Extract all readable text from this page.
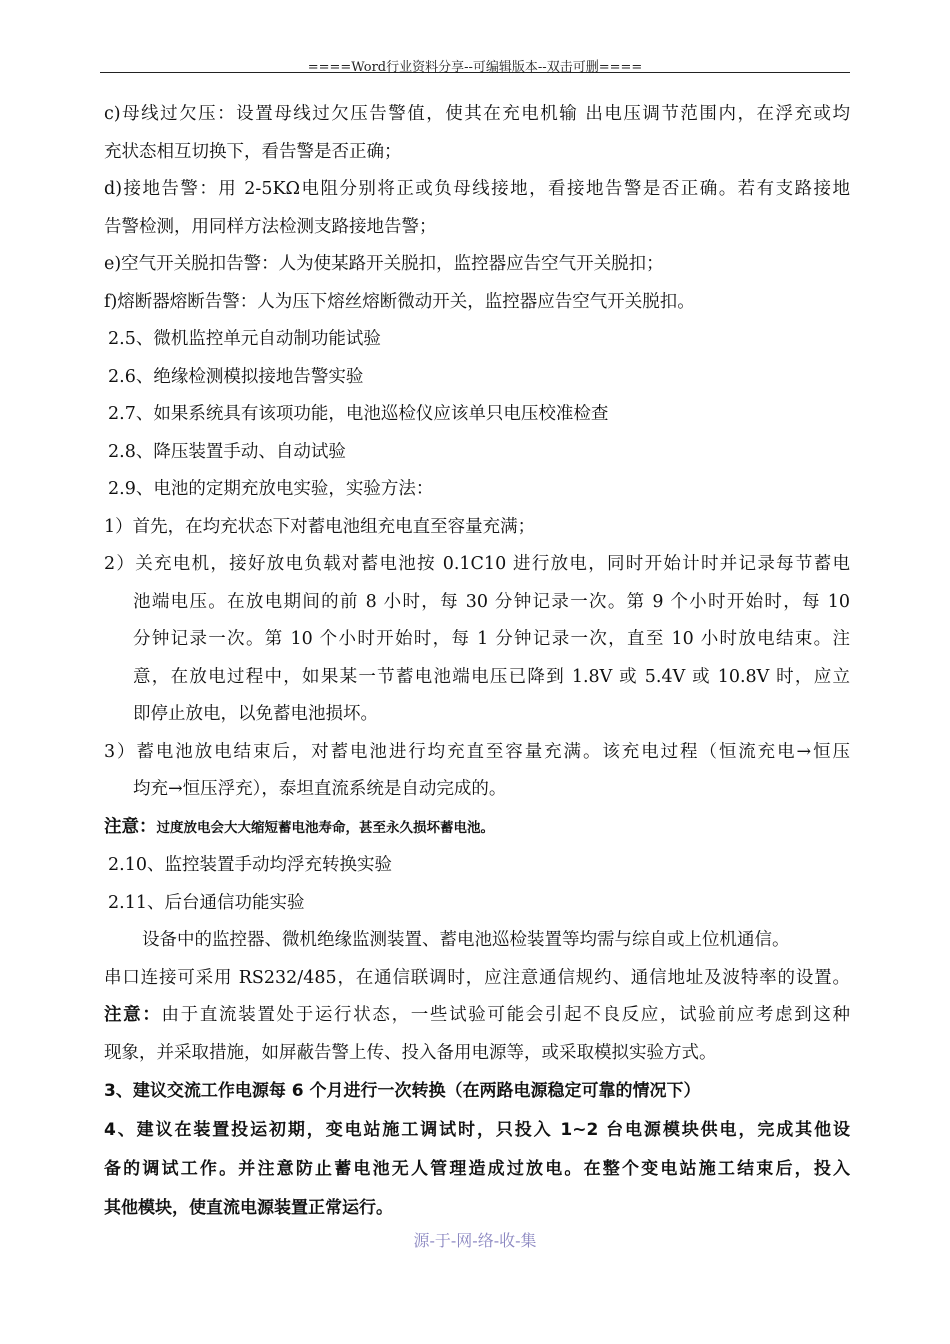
====Word行业资料分享--可编辑版本--双击可删====
c)母线过欠压：设置母线过欠压告警值，使其在充电机输 出电压调节范围内，在浮充或均
充状态相互切换下，看告警是否正确；
d)接地告警：用 2-5KΩ电阻分别将正或负母线接地，看接地告警是否正确。若有支路接地
告警检测，用同样方法检测支路接地告警；
e)空气开关脱扣告警：人为使某路开关脱扣，监控器应告空气开关脱扣；
f)熔断器熔断告警：人为压下熔丝熔断微动开关，监控器应告空气开关脱扣。
2.5、微机监控单元自动制功能试验
2.6、绝缘检测模拟接地告警实验
2.7、如果系统具有该项功能，电池巡检仪应该单只电压校准检查
2.8、降压装置手动、自动试验
2.9、电池的定期充放电实验，实验方法：
1）首先，在均充状态下对蓄电池组充电直至容量充满；
2）关充电机，接好放电负载对蓄电池按 0.1C10 进行放电，同时开始计时并记录每节蓄电
池端电压。在放电期间的前 8 小时，每 30 分钟记录一次。第 9 个小时开始时，每 10
分钟记录一次。第 10 个小时开始时，每 1 分钟记录一次，直至 10 小时放电结束。注
意，在放电过程中，如果某一节蓄电池端电压已降到 1.8V 或 5.4V 或 10.8V 时，应立
即停止放电，以免蓄电池损坏。
3）蓄电池放电结束后，对蓄电池进行均充直至容量充满。该充电过程（恒流充电→恒压
均充→恒压浮充），泰坦直流系统是自动完成的。
注意：过度放电会大大缩短蓄电池寿命，甚至永久损坏蓄电池。
2.10、监控装置手动均浮充转换实验
2.11、后台通信功能实验
设备中的监控器、微机绝缘监测装置、蓄电池巡检装置等均需与综自或上位机通信。
串口连接可采用 RS232/485，在通信联调时，应注意通信规约、通信地址及波特率的设置。
注意：由于直流装置处于运行状态，一些试验可能会引起不良反应，试验前应考虑到这种
现象，并采取措施，如屏蔽告警上传、投入备用电源等，或采取模拟实验方式。
3、建议交流工作电源每 6 个月进行一次转换（在两路电源稳定可靠的情况下）
4、建议在装置投运初期，变电站施工调试时，只投入 1~2 台电源模块供电，完成其他设
备的调试工作。并注意防止蓄电池无人管理造成过放电。在整个变电站施工结束后，投入
其他模块，使直流电源装置正常运行。
源-于-网-络-收-集
